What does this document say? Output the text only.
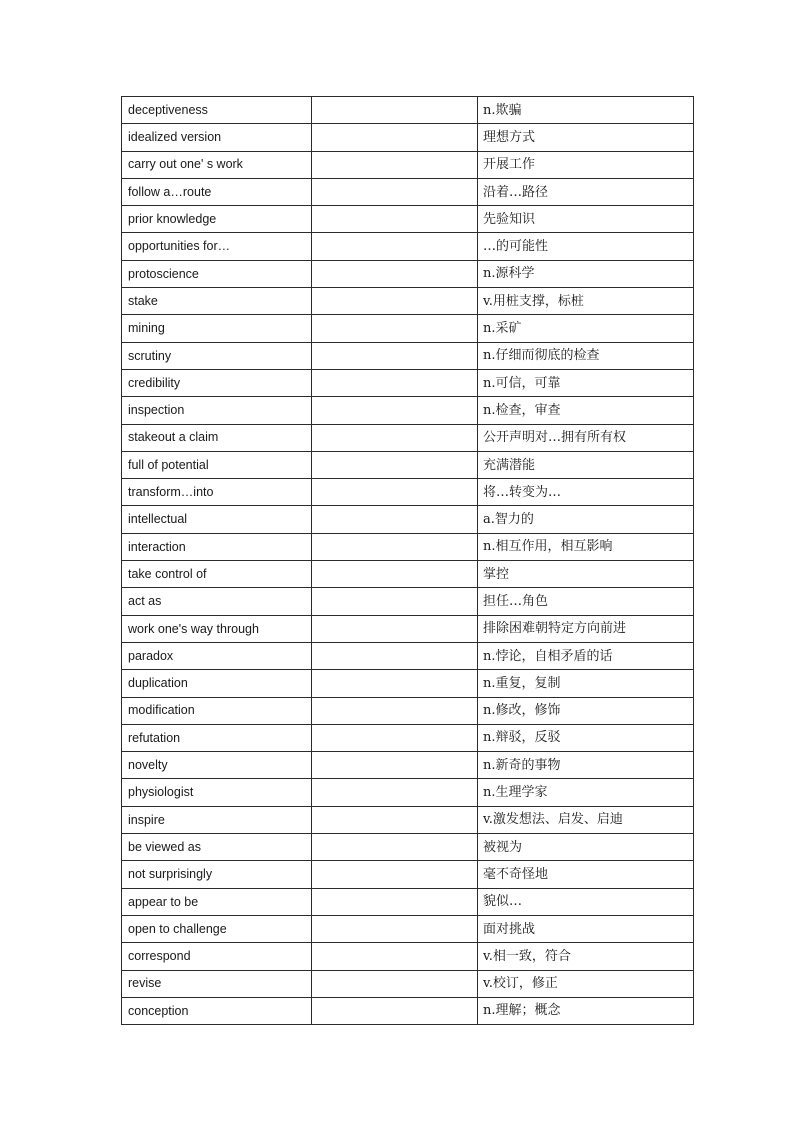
deceptiveness		n.欺骗
idealized version		理想方式
carry out one' s work		开展工作
follow a…route		沿着…路径
prior knowledge		先验知识
opportunities for…		…的可能性
protoscience		n.源科学
stake		v.用桩支撑，标桩
mining		n.采矿
scrutiny		n.仔细而彻底的检查
credibility		n.可信，可靠
inspection		n.检查，审查
stakeout a claim		公开声明对…拥有所有权
full of potential		充满潜能
transform…into		将…转变为…
intellectual		a.智力的
interaction		n.相互作用，相互影响
take control of		掌控
act as		担任…角色
work one's way through		排除困难朝特定方向前进
paradox		n.悖论，自相矛盾的话
duplication		n.重复，复制
modification		n.修改，修饰
refutation		n.辩驳，反驳
novelty		n.新奇的事物
physiologist		n.生理学家
inspire		v.激发想法、启发、启迪
be viewed as		被视为
not surprisingly		毫不奇怪地
appear to be		貌似…
open to challenge		面对挑战
correspond		v.相一致，符合
revise		v.校订，修正
conception		n.理解；概念
